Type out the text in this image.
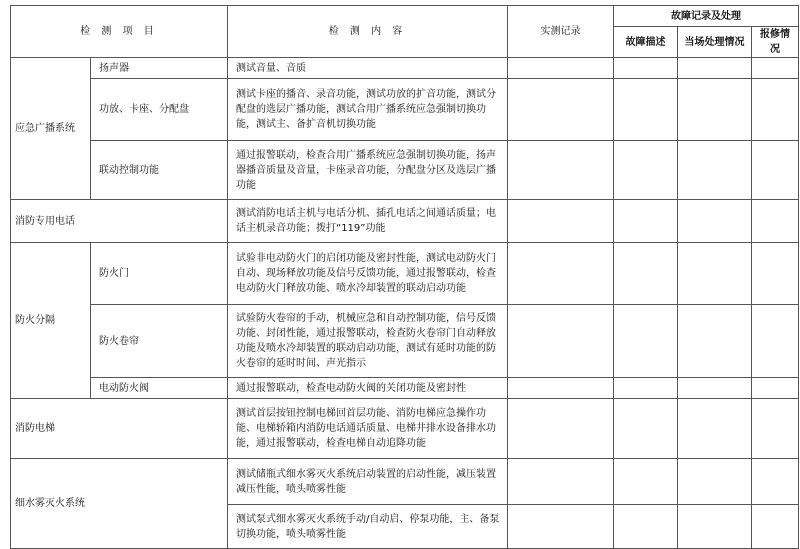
检 测 项 目		检 测 内 容	实测记录	故障记录及处理		
				故障描述	当场处理情况	报修情况
应急广播系统	扬声器	测试音量、音质				
	功放、卡座、分配盘	测试卡座的播音、录音功能，测试功放的扩音功能，测试分配盘的选层广播功能，测试合用广播系统应急强制切换功能，测试主、备扩音机切换功能				
	联动控制功能	通过报警联动，检查合用广播系统应急强制切换功能，扬声器播音质量及音量，卡座录音功能，分配盘分区及选层广播功能				
消防专用电话		测试消防电话主机与电话分机、插孔电话之间通话质量；电话主机录音功能；拨打“119”功能				
防火分隔	防火门	试验非电动防火门的启闭功能及密封性能，测试电动防火门自动、现场释放功能及信号反馈功能，通过报警联动，检查电动防火门释放功能、喷水冷却装置的联动启动功能				
	防火卷帘	试验防火卷帘的手动，机械应急和自动控制功能，信号反馈功能、封闭性能，通过报警联动，检查防火卷帘门自动释放功能及喷水冷却装置的联动启动功能，测试有延时功能的防火卷帘的延时时间、声光指示				
	电动防火阀	通过报警联动，检查电动防火阀的关闭功能及密封性				
消防电梯		测试首层按钮控制电梯回首层功能、消防电梯应急操作功能、电梯轿箱内消防电话通话质量、电梯井排水设备排水功能，通过报警联动，检查电梯自动追降功能				
细水雾灭火系统		测试储瓶式细水雾灭火系统启动装置的启动性能，减压装置减压性能，喷头喷雾性能				
		测试泵式细水雾灭火系统手动/自动启、停泵功能，主、备泵切换功能，喷头喷雾性能				
